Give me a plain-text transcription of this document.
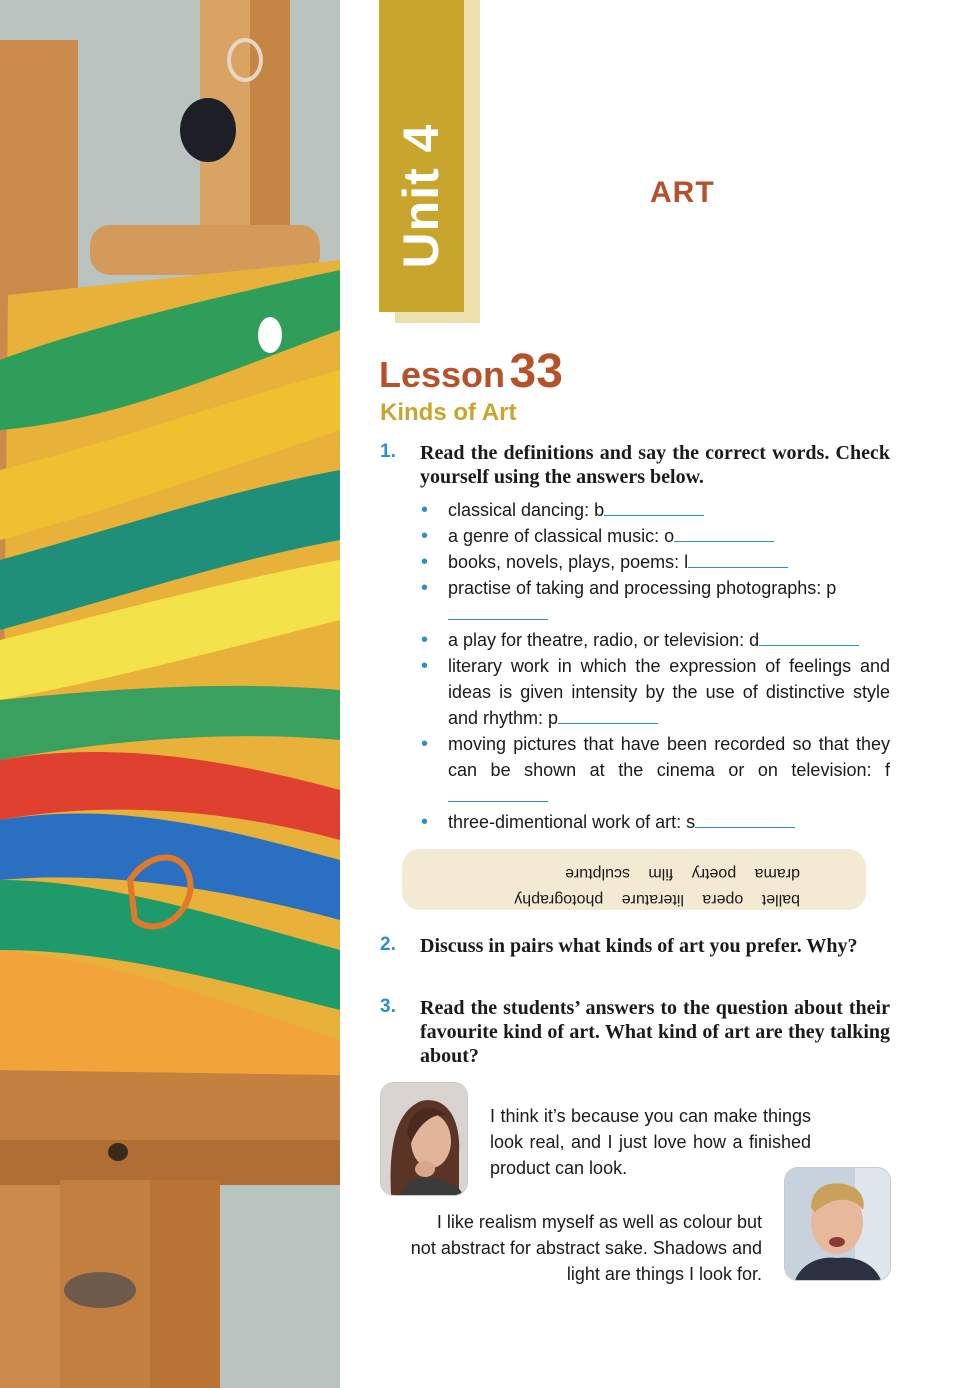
Unit 4	ART
Lesson 33
Kinds of Art
1. Read the definitions and say the correct words. Check yourself using the answers below.
• classical dancing: b
• a genre of classical music: o
• books, novels, plays, poems: l
• practise of taking and processing photographs: p
• a play for theatre, radio, or television: d
• literary work in which the expression of feelings and ideas is given intensity by the use of distinctive style and rhythm: p
• moving pictures that have been recorded so that they can be shown at the cinema or on television: f
• three-dimentional work of art: s
ballet opera literature photography
drama poetry film sculpture
2. Discuss in pairs what kinds of art you prefer. Why?
3. Read the students’ answers to the question about their favourite kind of art. What kind of art are they talking about?
I think it’s because you can make things look real, and I just love how a finished product can look.
I like realism myself as well as colour but not abstract for abstract sake. Shadows and light are things I look for.
